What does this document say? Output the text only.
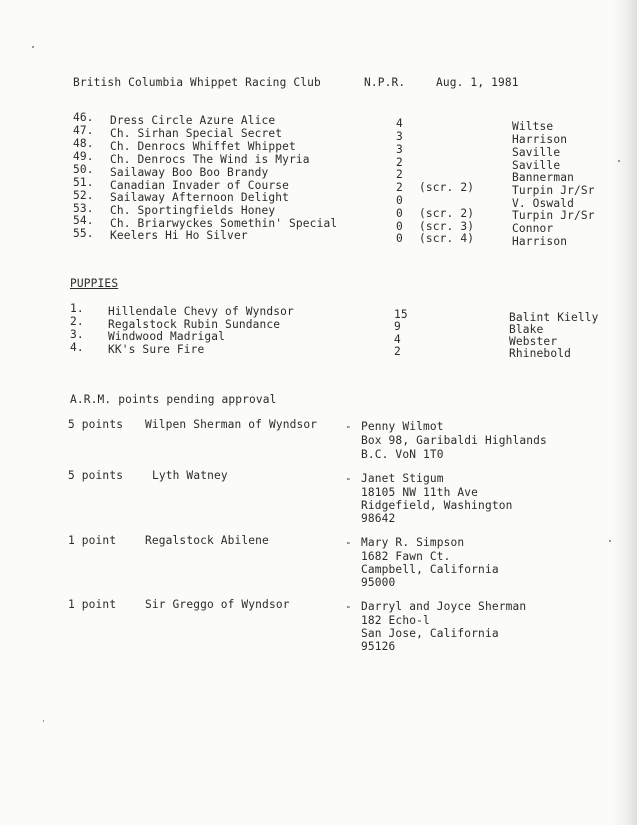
British Columbia Whippet Racing Club	N.P.R.	Aug. 1, 1981
46. Dress Circle Azure Alice	4	Wiltse
47. Ch. Sirhan Special Secret	3	Harrison
48. Ch. Denrocs Whiffet Whippet	3	Saville
49. Ch. Denrocs The Wind is Myria	2	Saville
50. Sailaway Boo Boo Brandy	2	Bannerman
51. Canadian Invader of Course	2 (scr. 2)	Turpin Jr/Sr
52. Sailaway Afternoon Delight	0	V. Oswald
53. Ch. Sportingfields Honey	0 (scr. 2)	Turpin Jr/Sr
54. Ch. Briarwyckes Somethin' Special	0 (scr. 3)	Connor
55. Keelers Hi Ho Silver	0 (scr. 4)	Harrison
PUPPIES
1. Hillendale Chevy of Wyndsor	15	Balint Kielly
2. Regalstock Rubin Sundance	9	Blake
3. Windwood Madrigal	4	Webster
4. KK's Sure Fire	2	Rhinebold
A.R.M. points pending approval
5 points Wilpen Sherman of Wyndsor - Penny Wilmot
Box 98, Garibaldi Highlands
B.C. VoN 1T0
5 points	Lyth Watney	- Janet Stigum
18105 NW 11th Ave
Ridgefield, Washington
98642
1 point	Regalstock Abilene	- Mary R. Simpson
1682 Fawn Ct.
Campbell, California
95000
1 point	Sir Greggo of Wyndsor	- Darryl and Joyce Sherman
182 Echo-l
San Jose, California
95126
